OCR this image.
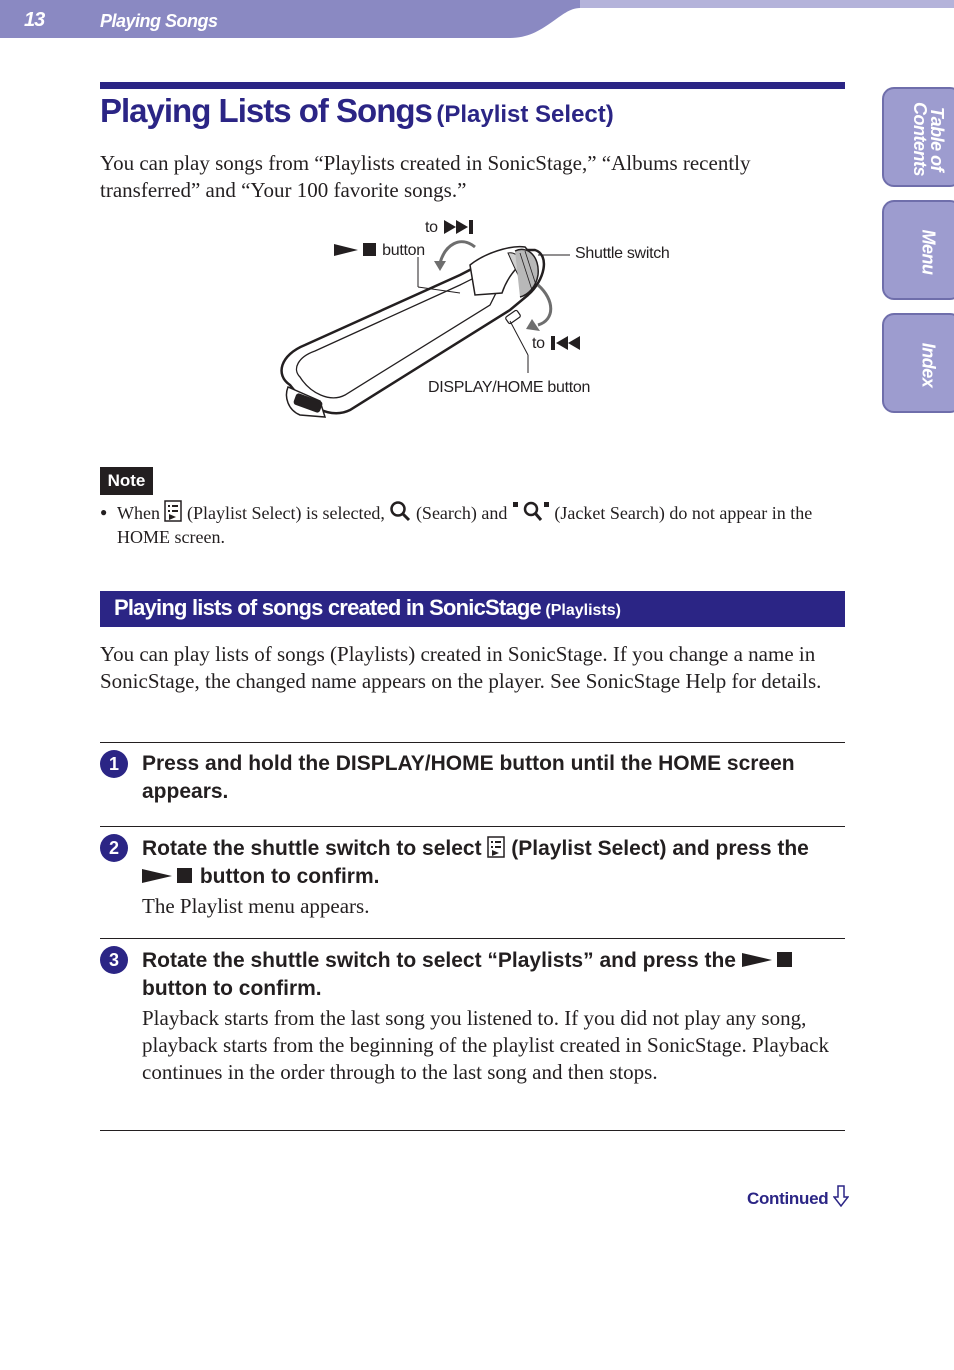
13	Playing Songs
Table of Contents
Menu
Index
Playing Lists of Songs (Playlist Select)
You can play songs from “Playlists created in SonicStage,” “Albums recently transferred” and “Your 100 favorite songs.”
to
button	Shuttle switch
to
DISPLAY/HOME button
Note
● When (Playlist Select) is selected, (Search) and	(Jacket Search) do not appear in the HOME screen.
Playing lists of songs created in SonicStage (Playlists)
You can play lists of songs (Playlists) created in SonicStage. If you change a name in SonicStage, the changed name appears on the player. See SonicStage Help for details.
1	Press and hold the DISPLAY/HOME button until the HOME screen appears.
2	Rotate the shuttle switch to select (Playlist Select) and press the  button to confirm.
The Playlist menu appears.
3	Rotate the shuttle switch to select “Playlists” and press the  button to confirm.
Playback starts from the last song you listened to. If you did not play any song, playback starts from the beginning of the playlist created in SonicStage. Playback continues in the order through to the last song and then stops.
Continued
